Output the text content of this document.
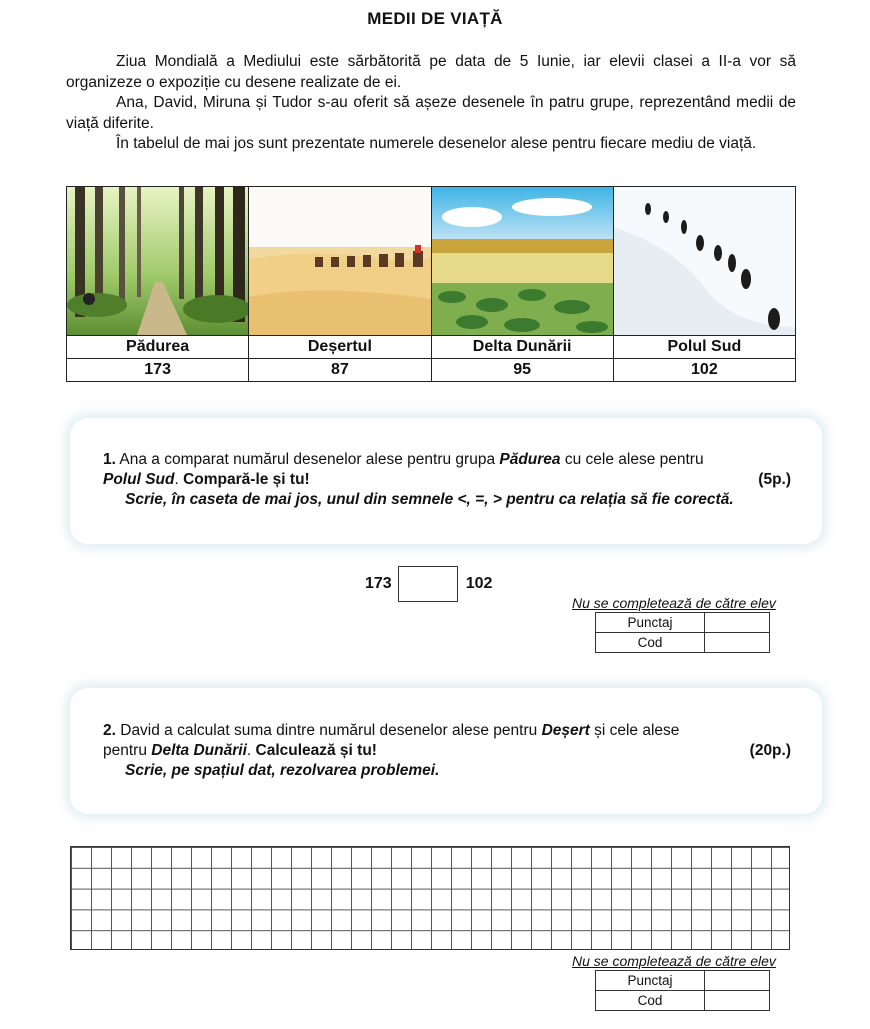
MEDII DE VIAȚĂ

Ziua Mondială a Mediului este sărbătorită pe data de 5 Iunie, iar elevii clasei a II-a vor să organizeze o expoziție cu desene realizate de ei.

Ana, David, Miruna și Tudor s-au oferit să așeze desenele în patru grupe, reprezentând medii de viață diferite.

În tabelul de mai jos sunt prezentate numerele desenelor alese pentru fiecare mediu de viață.

Pădurea	Deșertul	Delta Dunării	Polul Sud
173	87	95	102
1. Ana a comparat numărul desenelor alese pentru grupa Pădurea cu cele alese pentru
Polul Sud. Compară-le și tu!	(5p.)
Scrie, în caseta de mai jos, unul din semnele <, =, > pentru ca relația să fie corectă.
173	102
Nu se completează de către elev
Punctaj	
Cod	
2. David a calculat suma dintre numărul desenelor alese pentru Deșert și cele alese
pentru Delta Dunării. Calculează și tu!	(20p.)
Scrie, pe spațiul dat, rezolvarea problemei.
Nu se completează de către elev
Punctaj	
Cod	
